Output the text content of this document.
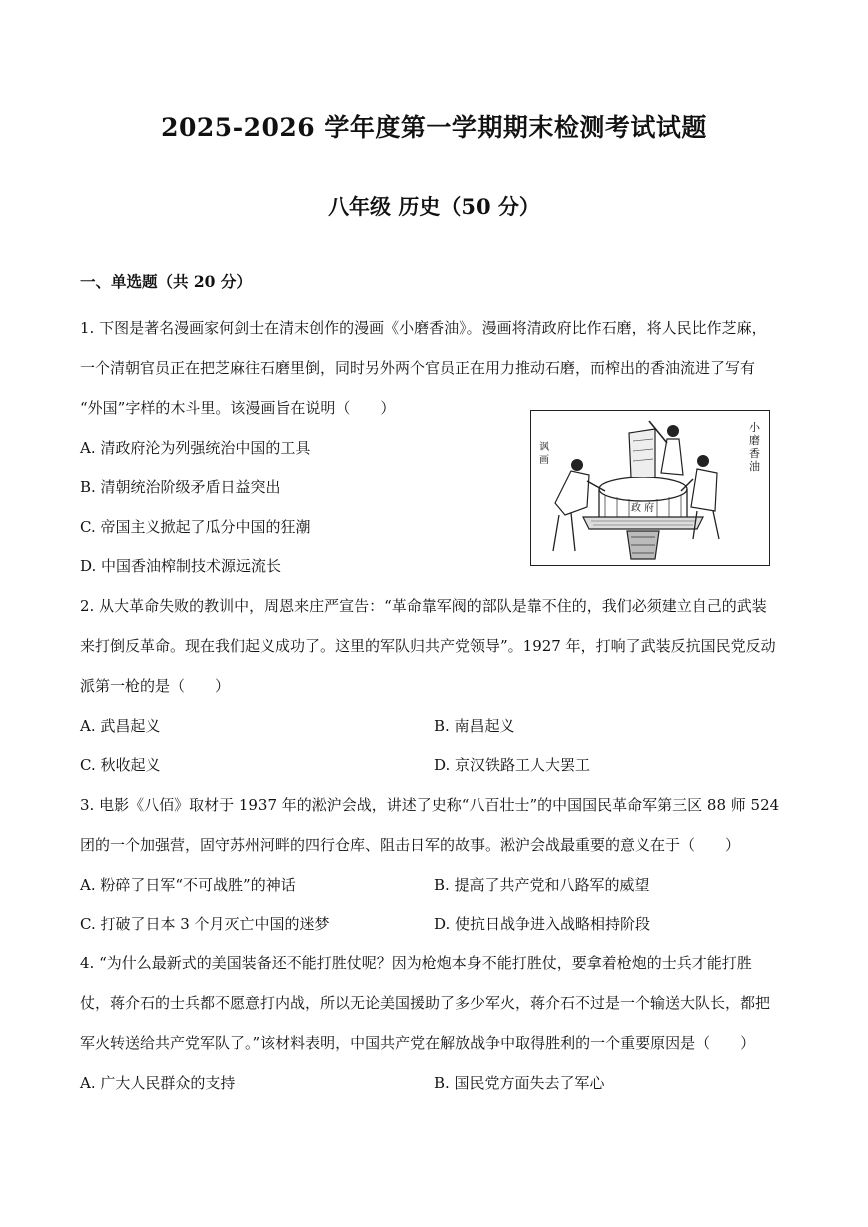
2025-2026 学年度第一学期期末检测考试试题
八年级 历史（50 分）
一、单选题（共 20 分）
1. 下图是著名漫画家何剑士在清末创作的漫画《小磨香油》。漫画将清政府比作石磨，将人民比作芝麻，
一个清朝官员正在把芝麻往石磨里倒，同时另外两个官员正在用力推动石磨，而榨出的香油流进了写有
“外国”字样的木斗里。该漫画旨在说明（　　）
A. 清政府沦为列强统治中国的工具
B. 清朝统治阶级矛盾日益突出
C. 帝国主义掀起了瓜分中国的狂潮
D. 中国香油榨制技术源远流长
政 府
小磨香油
讽画
2. 从大革命失败的教训中，周恩来庄严宣告：“革命靠军阀的部队是靠不住的，我们必须建立自己的武装
来打倒反革命。现在我们起义成功了。这里的军队归共产党领导”。1927 年，打响了武装反抗国民党反动
派第一枪的是（　　）
A. 武昌起义	B. 南昌起义
C. 秋收起义	D. 京汉铁路工人大罢工
3. 电影《八佰》取材于 1937 年的淞沪会战，讲述了史称“八百壮士”的中国国民革命军第三区 88 师 524
团的一个加强营，固守苏州河畔的四行仓库、阻击日军的故事。淞沪会战最重要的意义在于（　　）
A. 粉碎了日军“不可战胜”的神话	B. 提高了共产党和八路军的威望
C. 打破了日本 3 个月灭亡中国的迷梦	D. 使抗日战争进入战略相持阶段
4. “为什么最新式的美国装备还不能打胜仗呢？因为枪炮本身不能打胜仗，要拿着枪炮的士兵才能打胜
仗，蒋介石的士兵都不愿意打内战，所以无论美国援助了多少军火，蒋介石不过是一个输送大队长，都把
军火转送给共产党军队了。”该材料表明，中国共产党在解放战争中取得胜利的一个重要原因是（　　）
A. 广大人民群众的支持	B. 国民党方面失去了军心
